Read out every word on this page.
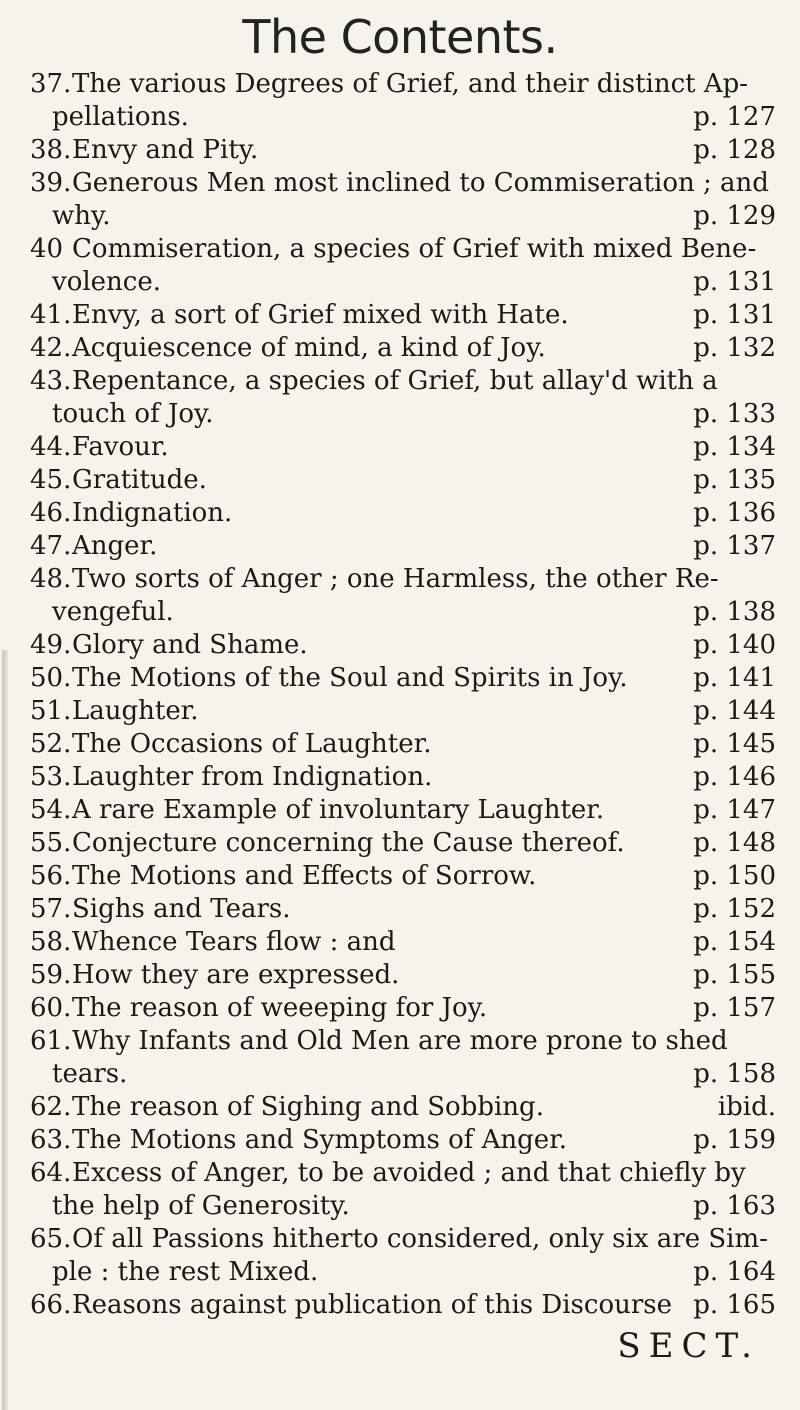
The Contents.
37.The various Degrees of Grief, and their distinct Ap-
pellations.	p. 127
38.Envy and Pity.	p. 128
39.Generous Men most inclined to Commiseration ; and
why.	p. 129
40 Commiseration, a species of Grief with mixed Bene-
volence.	p. 131
41.Envy, a sort of Grief mixed with Hate.	p. 131
42.Acquiescence of mind, a kind of Joy.	p. 132
43.Repentance, a species of Grief, but allay'd with a
touch of Joy.	p. 133
44.Favour.	p. 134
45.Gratitude.	p. 135
46.Indignation.	p. 136
47.Anger.	p. 137
48.Two sorts of Anger ; one Harmless, the other Re-
vengeful.	p. 138
49.Glory and Shame.	p. 140
50.The Motions of the Soul and Spirits in Joy.	p. 141
51.Laughter.	p. 144
52.The Occasions of Laughter.	p. 145
53.Laughter from Indignation.	p. 146
54.A rare Example of involuntary Laughter.	p. 147
55.Conjecture concerning the Cause thereof.	p. 148
56.The Motions and Effects of Sorrow.	p. 150
57.Sighs and Tears.	p. 152
58.Whence Tears flow : and	p. 154
59.How they are expressed.	p. 155
60.The reason of weeeping for Joy.	p. 157
61.Why Infants and Old Men are more prone to shed
tears.	p. 158
62.The reason of Sighing and Sobbing.	ibid.
63.The Motions and Symptoms of Anger.	p. 159
64.Excess of Anger, to be avoided ; and that chiefly by
the help of Generosity.	p. 163
65.Of all Passions hitherto considered, only six are Sim-
ple : the rest Mixed.	p. 164
66.Reasons against publication of this Discourse p. 165
SECT.
